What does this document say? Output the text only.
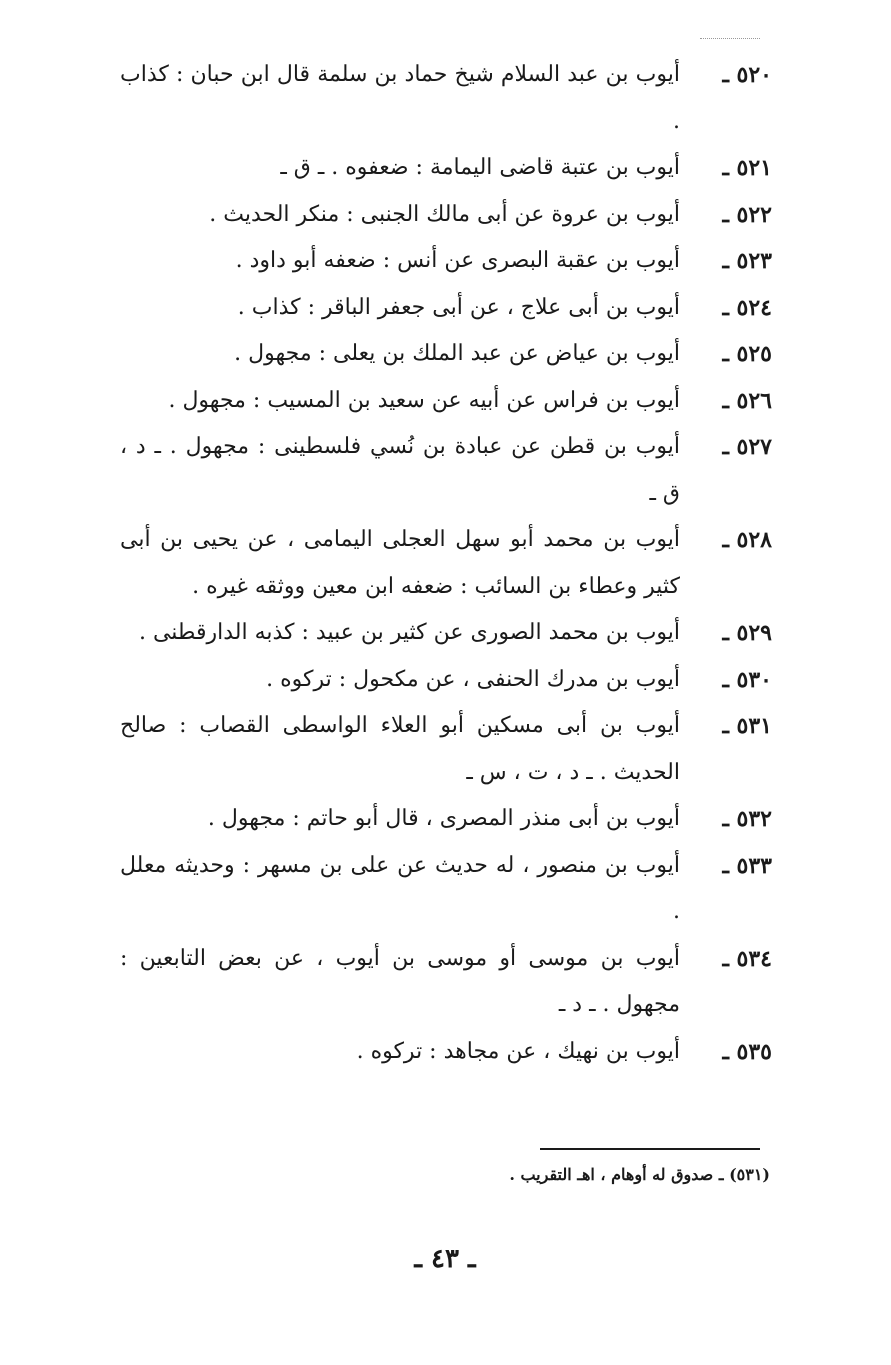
٥٢٠ ـ
أيوب بن عبد السلام شيخ حماد بن سلمة قال ابن حبان : كذاب .
٥٢١ ـ
أيوب بن عتبة قاضى اليمامة : ضعفوه . ـ ق ـ
٥٢٢ ـ
أيوب بن عروة عن أبى مالك الجنبى : منكر الحديث .
٥٢٣ ـ
أيوب بن عقبة البصرى عن أنس : ضعفه أبو داود .
٥٢٤ ـ
أيوب بن أبى علاج ، عن أبى جعفر الباقر : كذاب .
٥٢٥ ـ
أيوب بن عياض عن عبد الملك بن يعلى : مجهول .
٥٢٦ ـ
أيوب بن فراس عن أبيه عن سعيد بن المسيب : مجهول .
٥٢٧ ـ
أيوب بن قطن عن عبادة بن نُسي فلسطينى : مجهول . ـ د ، ق ـ
٥٢٨ ـ
أيوب بن محمد أبو سهل العجلى اليمامى ، عن يحيى بن أبى كثير وعطاء بن السائب : ضعفه ابن معين ووثقه غيره .
٥٢٩ ـ
أيوب بن محمد الصورى عن كثير بن عبيد : كذبه الدارقطنى .
٥٣٠ ـ
أيوب بن مدرك الحنفى ، عن مكحول : تركوه .
٥٣١ ـ
أيوب بن أبى مسكين أبو العلاء الواسطى القصاب : صالح الحديث . ـ د ، ت ، س ـ
٥٣٢ ـ
أيوب بن أبى منذر المصرى ، قال أبو حاتم : مجهول .
٥٣٣ ـ
أيوب بن منصور ، له حديث عن على بن مسهر : وحديثه معلل .
٥٣٤ ـ
أيوب بن موسى أو موسى بن أيوب ، عن بعض التابعين : مجهول . ـ د ـ
٥٣٥ ـ
أيوب بن نهيك ، عن مجاهد : تركوه .
(٥٣١) ـ صدوق له أوهام ، اهـ التقريب .
ـ ٤٣ ـ
